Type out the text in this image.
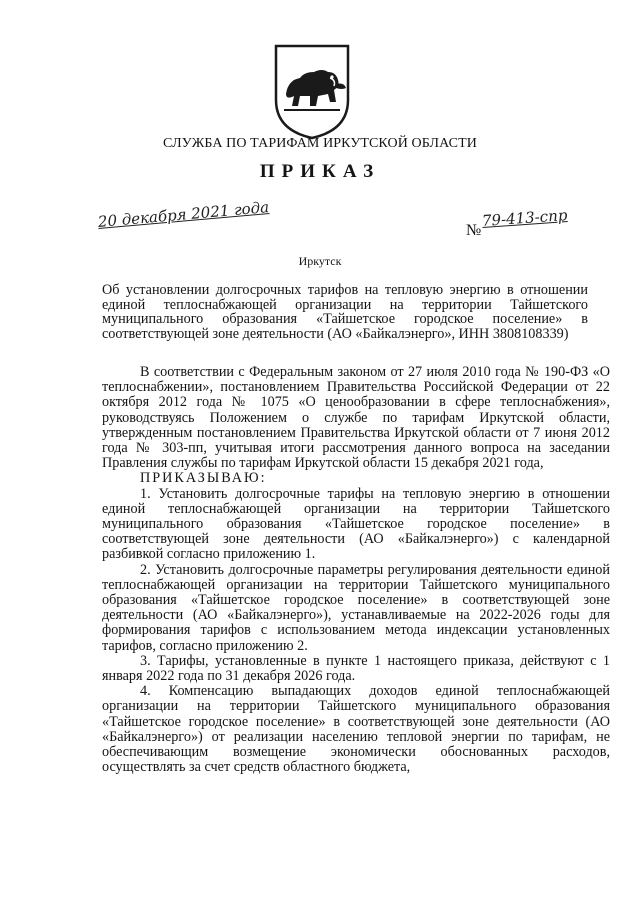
СЛУЖБА ПО ТАРИФАМ ИРКУТСКОЙ ОБЛАСТИ
ПРИКАЗ
20 декабря 2021 года	№
79-413-спр
Иркутск
Об установлении долгосрочных тарифов на тепловую энергию в отношении единой теплоснабжающей организации на территории Тайшетского муниципального образования «Тайшетское городское поселение» в соответствующей зоне деятельности (АО «Байкалэнерго», ИНН 3808108339)

В соответствии с Федеральным законом от 27 июля 2010 года № 190-ФЗ «О теплоснабжении», постановлением Правительства Российской Федерации от 22 октября 2012 года № 1075 «О ценообразовании в сфере теплоснабжения», руководствуясь Положением о службе по тарифам Иркутской области, утвержденным постановлением Правительства Иркутской области от 7 июня 2012 года № 303-пп, учитывая итоги рассмотрения данного вопроса на заседании Правления службы по тарифам Иркутской области 15 декабря 2021 года,

ПРИКАЗЫВАЮ:

1. Установить долгосрочные тарифы на тепловую энергию в отношении единой теплоснабжающей организации на территории Тайшетского муниципального образования «Тайшетское городское поселение» в соответствующей зоне деятельности (АО «Байкалэнерго») с календарной разбивкой согласно приложению 1.

2. Установить долгосрочные параметры регулирования деятельности единой теплоснабжающей организации на территории Тайшетского муниципального образования «Тайшетское городское поселение» в соответствующей зоне деятельности (АО «Байкалэнерго»), устанавливаемые на 2022-2026 годы для формирования тарифов с использованием метода индексации установленных тарифов, согласно приложению 2.

3. Тарифы, установленные в пункте 1 настоящего приказа, действуют с 1 января 2022 года по 31 декабря 2026 года.

4. Компенсацию выпадающих доходов единой теплоснабжающей организации на территории Тайшетского муниципального образования «Тайшетское городское поселение» в соответствующей зоне деятельности (АО «Байкалэнерго») от реализации населению тепловой энергии по тарифам, не обеспечивающим возмещение экономически обоснованных расходов, осуществлять за счет средств областного бюджета,
